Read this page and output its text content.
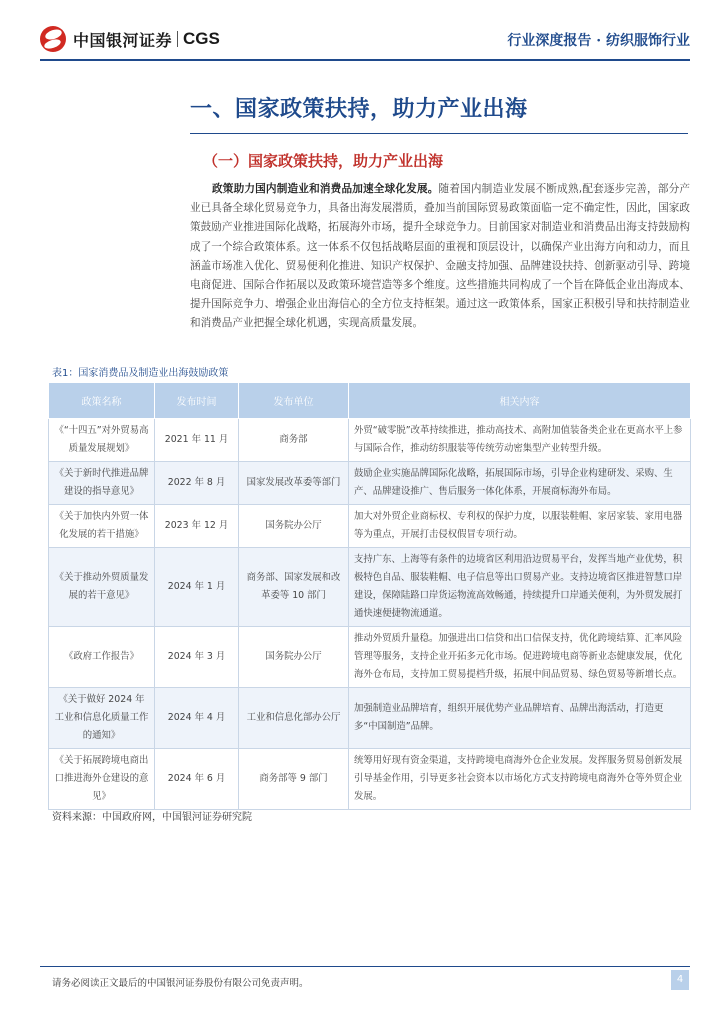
中国银河证券 CGS	行业深度报告 · 纺织服饰行业
一、国家政策扶持，助力产业出海
（一）国家政策扶持，助力产业出海

政策助力国内制造业和消费品加速全球化发展。随着国内制造业发展不断成熟,配套逐步完善，部分产业已具备全球化贸易竞争力，具备出海发展潜质，叠加当前国际贸易政策面临一定不确定性，因此，国家政策鼓励产业推进国际化战略，拓展海外市场，提升全球竞争力。目前国家对制造业和消费品出海支持鼓励构成了一个综合政策体系。这一体系不仅包括战略层面的重视和顶层设计，以确保产业出海方向和动力，而且涵盖市场准入优化、贸易便利化推进、知识产权保护、金融支持加强、品牌建设扶持、创新驱动引导、跨境电商促进、国际合作拓展以及政策环境营造等多个维度。这些措施共同构成了一个旨在降低企业出海成本、提升国际竞争力、增强企业出海信心的全方位支持框架。通过这一政策体系，国家正积极引导和扶持制造业和消费品产业把握全球化机遇，实现高质量发展。

表1：国家消费品及制造业出海鼓励政策
政策名称	发布时间	发布单位	相关内容
《“十四五”对外贸易高质量发展规划》	2021 年 11 月	商务部	外贸“破零脱”改革持续推进，推动高技术、高附加值装备类企业在更高水平上参与国际合作，推动纺织服装等传统劳动密集型产业转型升级。
《关于新时代推进品牌建设的指导意见》	2022 年 8 月	国家发展改革委等部门	鼓励企业实施品牌国际化战略，拓展国际市场，引导企业构建研发、采购、生产、品牌建设推广、售后服务一体化体系，开展商标海外布局。
《关于加快内外贸一体化发展的若干措施》	2023 年 12 月	国务院办公厅	加大对外贸企业商标权、专利权的保护力度，以服装鞋帽、家居家装、家用电器等为重点，开展打击侵权假冒专项行动。
《关于推动外贸质量发展的若干意见》	2024 年 1 月	商务部、国家发展和改革委等 10 部门	支持广东、上海等有条件的边境省区利用沿边贸易平台，发挥当地产业优势，积极特色自品、服装鞋帽、电子信息等出口贸易产业。支持边境省区推进智慧口岸建设，保障陆路口岸货运物流高效畅通，持续提升口岸通关便利，为外贸发展打通快速便捷物流通道。
《政府工作报告》	2024 年 3 月	国务院办公厅	推动外贸质升量稳。加强进出口信贷和出口信保支持，优化跨境结算、汇率风险管理等服务，支持企业开拓多元化市场。促进跨境电商等新业态健康发展，优化海外仓布局，支持加工贸易提档升级，拓展中间品贸易、绿色贸易等新增长点。
《关于做好 2024 年工业和信息化质量工作的通知》	2024 年 4 月	工业和信息化部办公厅	加强制造业品牌培育，组织开展优势产业品牌培育、品牌出海活动，打造更多“中国制造”品牌。
《关于拓展跨境电商出口推进海外仓建设的意见》	2024 年 6 月	商务部等 9 部门	统筹用好现有资金渠道，支持跨境电商海外仓企业发展。发挥服务贸易创新发展引导基金作用，引导更多社会资本以市场化方式支持跨境电商海外仓等外贸企业发展。
资料来源：中国政府网，中国银河证券研究院
请务必阅读正文最后的中国银河证券股份有限公司免责声明。	4
